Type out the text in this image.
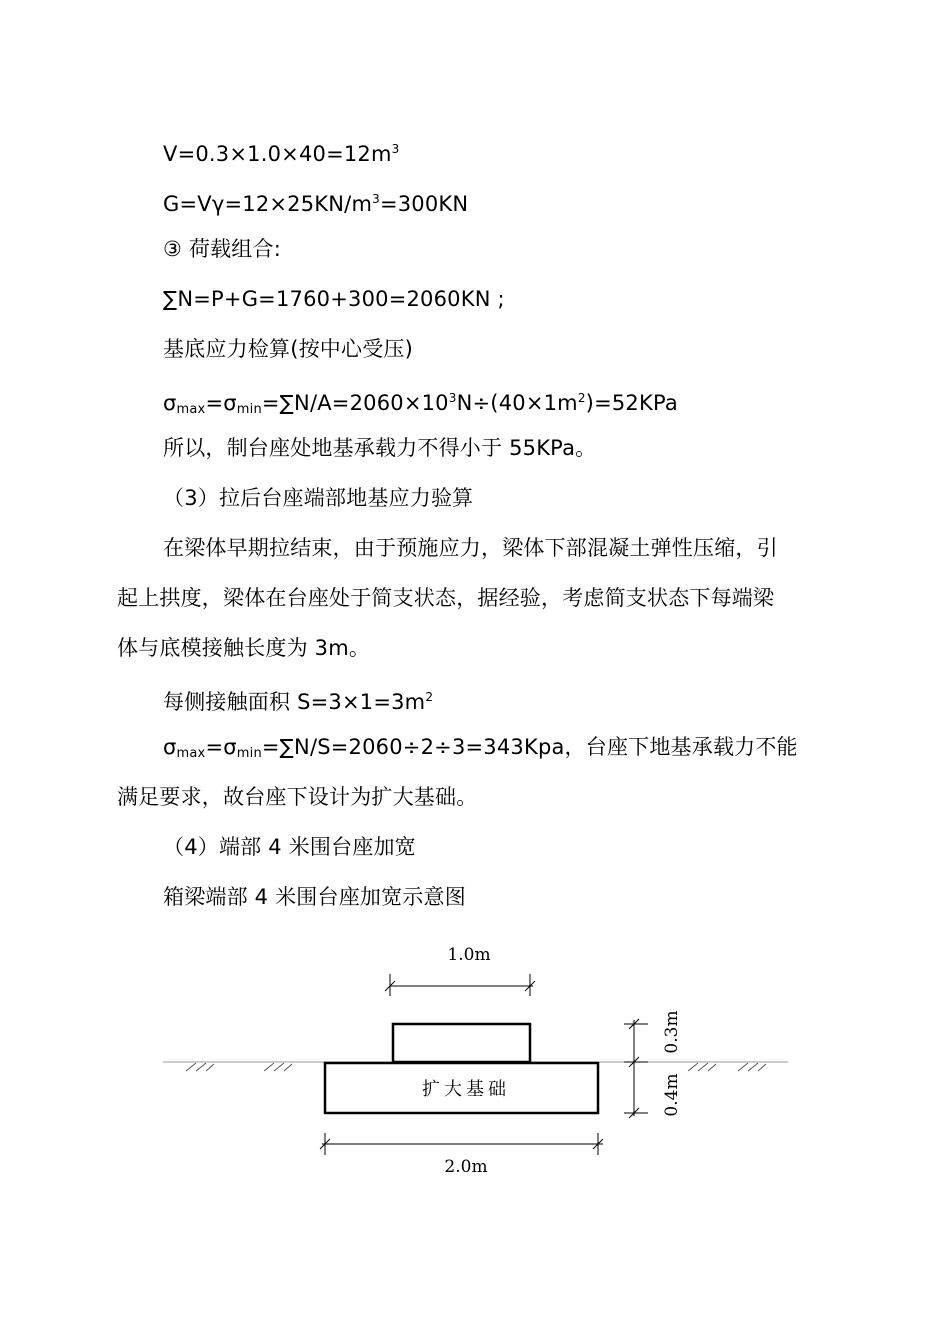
$V=0.3\times 1.0\times 40=12m^3$
$G=V\gamma=12\times 25KN/m^3=300KN$
③ 荷载组合:
∑N=P+G=1760+300=2060KN ;
基底应力检算(按中心受压)
$\sigma_{max}=\sigma_{min}=\sum N/A=2060\times 10^3N\div(40\times 1m^2)=52KPa$
所以，制台座处地基承载力不得小于 55KPa。
（3）拉后台座端部地基应力验算
在梁体早期拉结束，由于预施应力，梁体下部混凝土弹性压缩，引
起上拱度，梁体在台座处于简支状态，据经验，考虑简支状态下每端梁
体与底模接触长度为 3m。
每侧接触面积 $S=3\times 1=3m^2$
$\sigma_{max}=\sigma_{min}=\sum N/S=2060\div 2\div 3=343Kpa$，台座下地基承载力不能
满足要求，故台座下设计为扩大基础。
（4）端部 4 米围台座加宽
箱梁端部 4 米围台座加宽示意图
扩大基础
1.0m
2.0m
0.3m
0.4m
